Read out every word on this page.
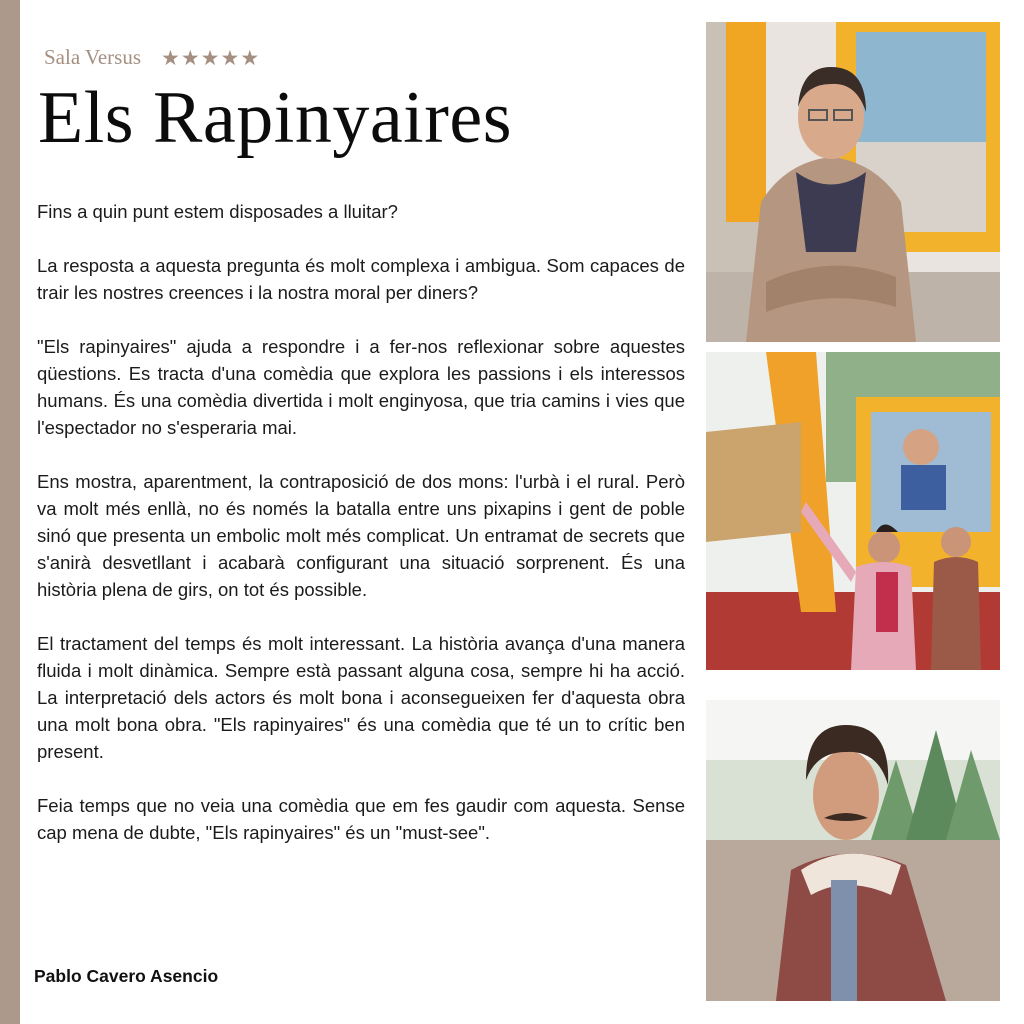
Sala Versus ★★★★★
Els Rapinyaires

Fins a quin punt estem disposades a lluitar?

La resposta a aquesta pregunta és molt complexa i ambigua. Som capaces de trair les nostres creences i la nostra moral per diners?

"Els rapinyaires" ajuda a respondre i a fer-nos reflexionar sobre aquestes qüestions. Es tracta d'una comèdia que explora les passions i els interessos humans. És una comèdia divertida i molt enginyosa, que tria camins i vies que l'espectador no s'esperaria mai.

Ens mostra, aparentment, la contraposició de dos mons: l'urbà i el rural. Però va molt més enllà, no és només la batalla entre uns pixapins i gent de poble sinó que presenta un embolic molt més complicat. Un entramat de secrets que s'anirà desvetllant i acabarà configurant una situació sorprenent. És una història plena de girs, on tot és possible.

El tractament del temps és molt interessant. La història avança d'una manera fluida i molt dinàmica. Sempre està passant alguna cosa, sempre hi ha acció. La interpretació dels actors és molt bona i aconsegueixen fer d'aquesta obra una molt bona obra. "Els rapinyaires" és una comèdia que té un to crític ben present.

Feia temps que no veia una comèdia que em fes gaudir com aquesta. Sense cap mena de dubte, "Els rapinyaires" és un "must-see".

Pablo Cavero Asencio
